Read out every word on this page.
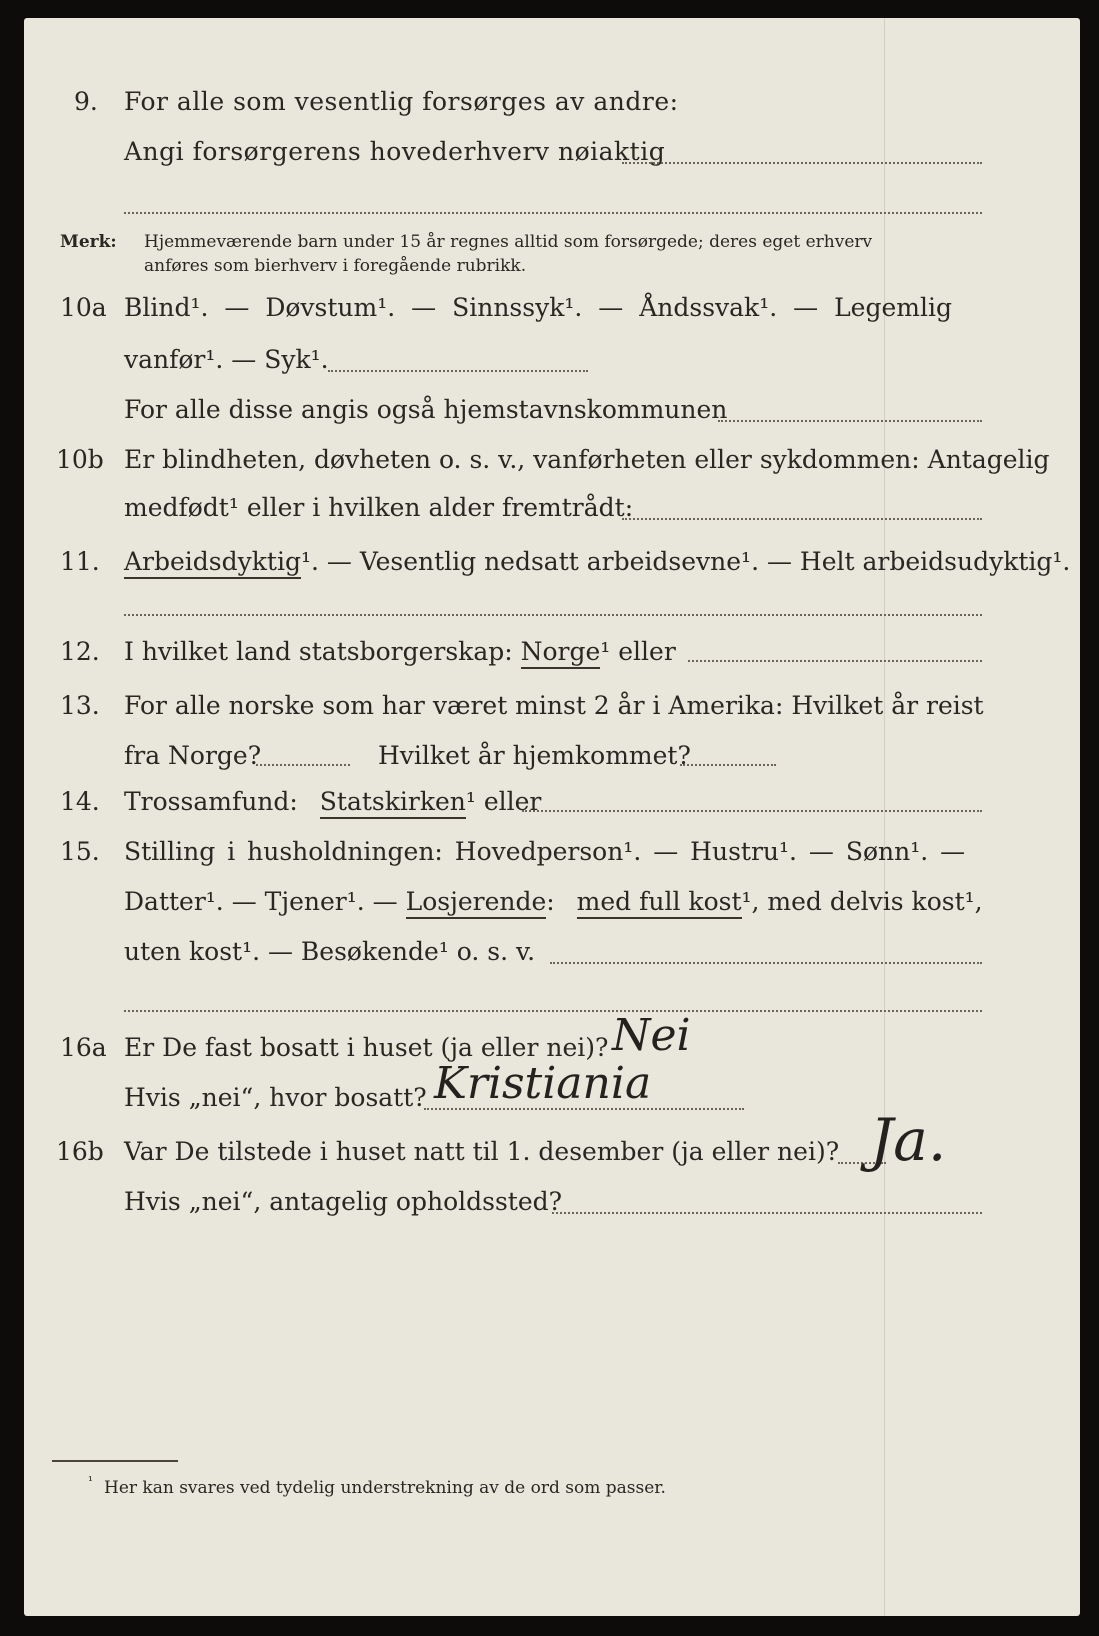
9. For alle som vesentlig forsørges av andre:
Angi forsørgerens hovederhverv nøiaktig
Merk: Hjemmeværende barn under 15 år regnes alltid som forsørgede; deres eget erhverv
anføres som bierhverv i foregående rubrikk.
10a Blind¹. — Døvstum¹. — Sinnssyk¹. — Åndssvak¹. — Legemlig
vanfør¹. — Syk¹.
For alle disse angis også hjemstavnskommunen
10b Er blindheten, døvheten o. s. v., vanførheten eller sykdommen: Antagelig
medfødt¹ eller i hvilken alder fremtrådt:
11. Arbeidsdyktig¹. — Vesentlig nedsatt arbeidsevne¹. — Helt arbeidsudyktig¹.
12. I hvilket land statsborgerskap: Norge¹ eller
13. For alle norske som har været minst 2 år i Amerika: Hvilket år reist
fra Norge?	Hvilket år hjemkommet?
14. Trossamfund: Statskirken¹ eller
15. Stilling i husholdningen: Hovedperson¹. — Hustru¹. — Sønn¹. —
Datter¹. — Tjener¹. — Losjerende: med full kost¹, med delvis kost¹,
uten kost¹. — Besøkende¹ o. s. v.
16a Er De fast bosatt i huset (ja eller nei)? Nei
Hvis „nei“, hvor bosatt? Kristiania
16b Var De tilstede i huset natt til 1. desember (ja eller nei)? Ja.
Hvis „nei“, antagelig opholdssted?
¹ Her kan svares ved tydelig understrekning av de ord som passer.
